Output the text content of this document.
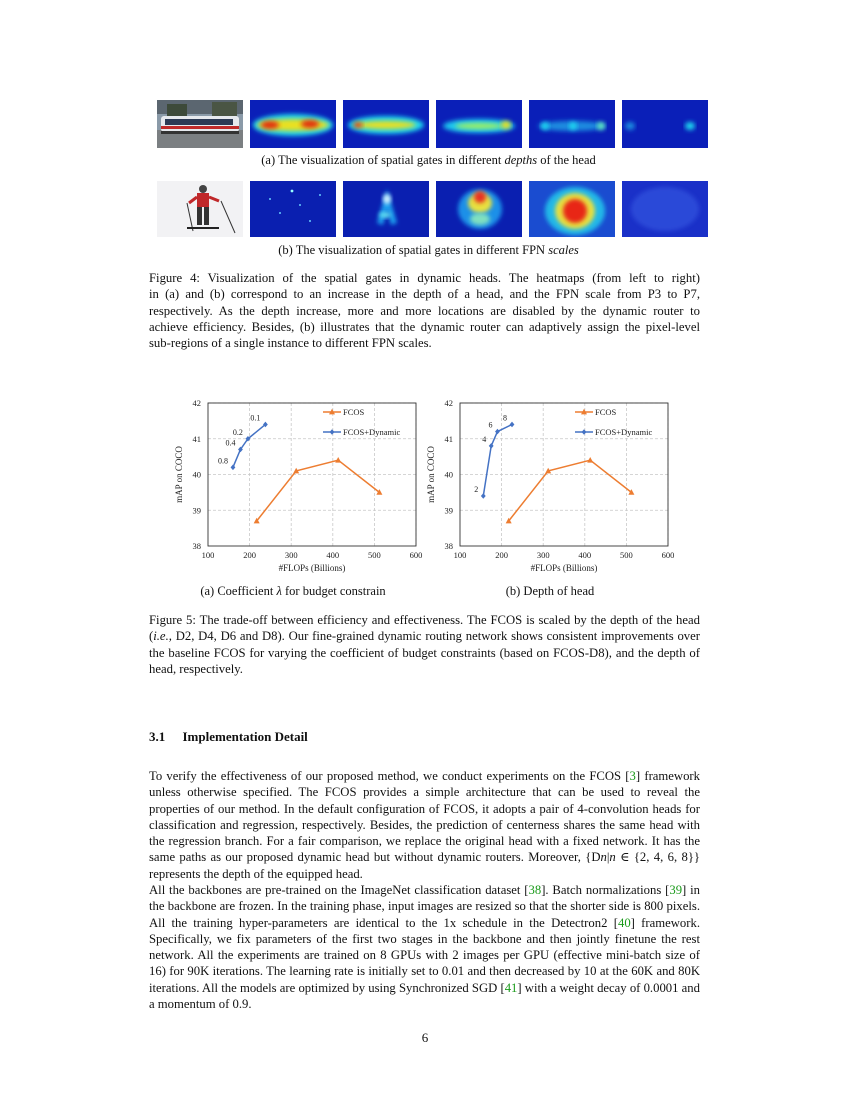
(a) The visualization of spatial gates in different depths of the head
(b) The visualization of spatial gates in different FPN scales
Figure 4: Visualization of the spatial gates in dynamic heads. The heatmaps (from left to right)
in (a) and (b) correspond to an increase in the depth of a head, and the FPN scale from P3 to P7,
respectively. As the depth increase, more and more locations are disabled by the dynamic router to
achieve efficiency. Besides, (b) illustrates that the dynamic router can adaptively assign the pixel-level
sub-regions of a single instance to different FPN scales.
100	200	300	400	500	600
38
39
40
41
42
#FLOPs (Billions)
mAP on COCO
FCOS
0.8
0.4
0.2
0.1
FCOS+Dynamic
100	200	300	400	500	600
38
39
40
41
42
#FLOPs (Billions)
mAP on COCO
FCOS
2
4
6
8
FCOS+Dynamic
(a) Coefficient λ for budget constrain	(b) Depth of head
Figure 5: The trade-off between efficiency and effectiveness. The FCOS is scaled by the depth of the head (i.e., D2, D4, D6 and D8). Our fine-grained dynamic routing network shows consistent improvements over the baseline FCOS for varying the coefficient of budget constraints (based on FCOS-D8), and the depth of head, respectively.
3.1 Implementation Detail
To verify the effectiveness of our proposed method, we conduct experiments on the FCOS [3] framework unless otherwise specified. The FCOS provides a simple architecture that can be used to reveal the properties of our method. In the default configuration of FCOS, it adopts a pair of 4-convolution heads for classification and regression, respectively. Besides, the prediction of centerness shares the same head with the regression branch. For a fair comparison, we replace the original head with a fixed network. It has the same paths as our proposed dynamic head but without dynamic routers. Moreover, {Dn|n ∈ {2, 4, 6, 8}} represents the depth of the equipped head.
All the backbones are pre-trained on the ImageNet classification dataset [38]. Batch normalizations [39] in the backbone are frozen. In the training phase, input images are resized so that the shorter side is 800 pixels. All the training hyper-parameters are identical to the 1x schedule in the Detectron2 [40] framework. Specifically, we fix parameters of the first two stages in the backbone and then jointly finetune the rest network. All the experiments are trained on 8 GPUs with 2 images per GPU (effective mini-batch size of 16) for 90K iterations. The learning rate is initially set to 0.01 and then decreased by 10 at the 60K and 80K iterations. All the models are optimized by using Synchronized SGD [41] with a weight decay of 0.0001 and a momentum of 0.9.
6
